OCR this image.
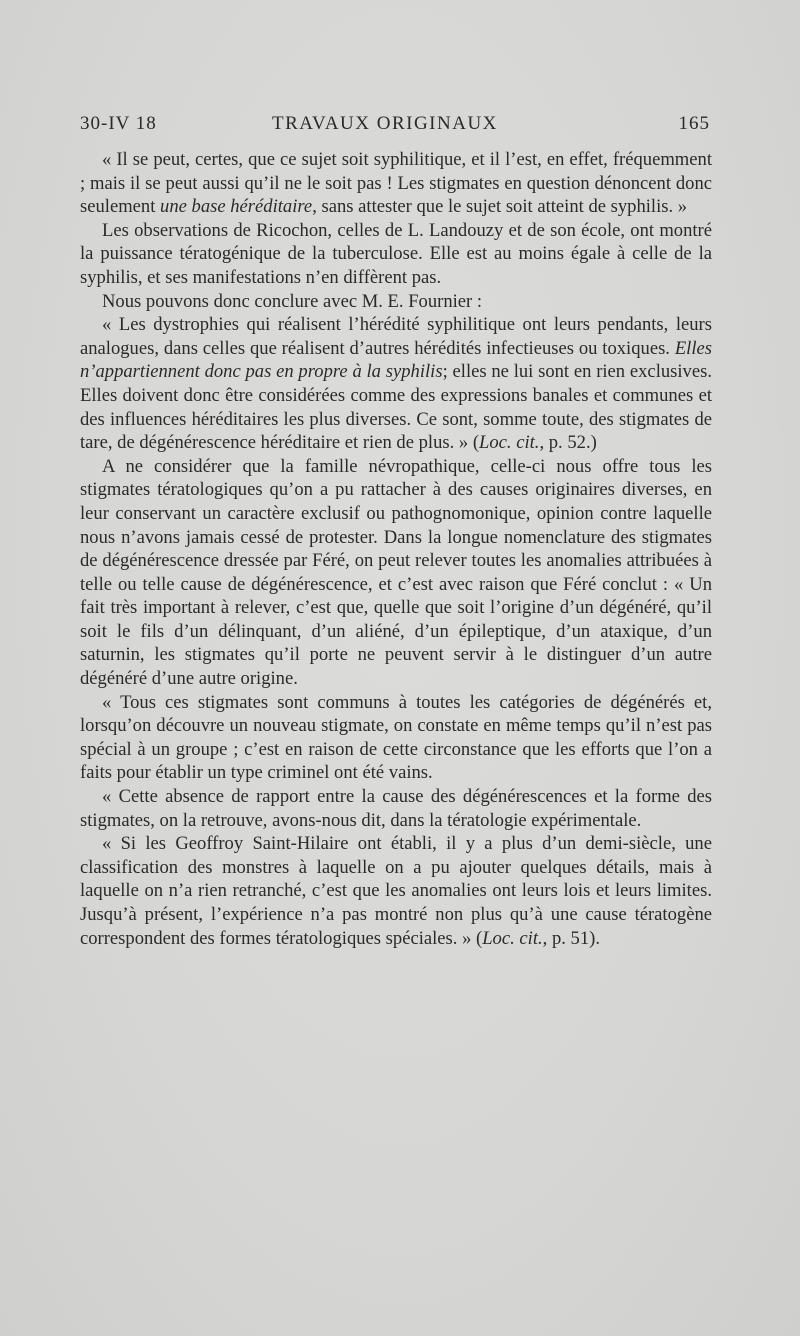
30-IV 18	TRAVAUX ORIGINAUX	165

« Il se peut, certes, que ce sujet soit syphilitique, et il l’est, en effet, fréquemment ; mais il se peut aussi qu’il ne le soit pas ! Les stigmates en question dénoncent donc seulement une base héréditaire, sans attester que le sujet soit atteint de syphilis. »

Les observations de Ricochon, celles de L. Landouzy et de son école, ont montré la puissance tératogénique de la tuberculose. Elle est au moins égale à celle de la syphilis, et ses manifestations n’en diffèrent pas.

Nous pouvons donc conclure avec M. E. Fournier :

« Les dystrophies qui réalisent l’hérédité syphilitique ont leurs pendants, leurs analogues, dans celles que réalisent d’autres hérédités infectieuses ou toxiques. Elles n’appartiennent donc pas en propre à la syphilis; elles ne lui sont en rien exclusives. Elles doivent donc être considérées comme des expressions banales et communes et des influences héréditaires les plus diverses. Ce sont, somme toute, des stigmates de tare, de dégénérescence héréditaire et rien de plus. » (Loc. cit., p. 52.)

A ne considérer que la famille névropathique, celle-ci nous offre tous les stigmates tératologiques qu’on a pu rattacher à des causes originaires diverses, en leur conservant un caractère exclusif ou pathognomonique, opinion contre laquelle nous n’avons jamais cessé de protester. Dans la longue nomenclature des stigmates de dégénérescence dressée par Féré, on peut relever toutes les anomalies attribuées à telle ou telle cause de dégénérescence, et c’est avec raison que Féré conclut : « Un fait très important à relever, c’est que, quelle que soit l’origine d’un dégénéré, qu’il soit le fils d’un délinquant, d’un aliéné, d’un épileptique, d’un ataxique, d’un saturnin, les stigmates qu’il porte ne peuvent servir à le distinguer d’un autre dégénéré d’une autre origine.

« Tous ces stigmates sont communs à toutes les catégories de dégénérés et, lorsqu’on découvre un nouveau stigmate, on constate en même temps qu’il n’est pas spécial à un groupe ; c’est en raison de cette circonstance que les efforts que l’on a faits pour établir un type criminel ont été vains.

« Cette absence de rapport entre la cause des dégénérescences et la forme des stigmates, on la retrouve, avons-nous dit, dans la tératologie expérimentale.

« Si les Geoffroy Saint-Hilaire ont établi, il y a plus d’un demi-siècle, une classification des monstres à laquelle on a pu ajouter quelques détails, mais à laquelle on n’a rien retranché, c’est que les anomalies ont leurs lois et leurs limites. Jusqu’à présent, l’expérience n’a pas montré non plus qu’à une cause tératogène correspondent des formes tératologiques spéciales. » (Loc. cit., p. 51).
